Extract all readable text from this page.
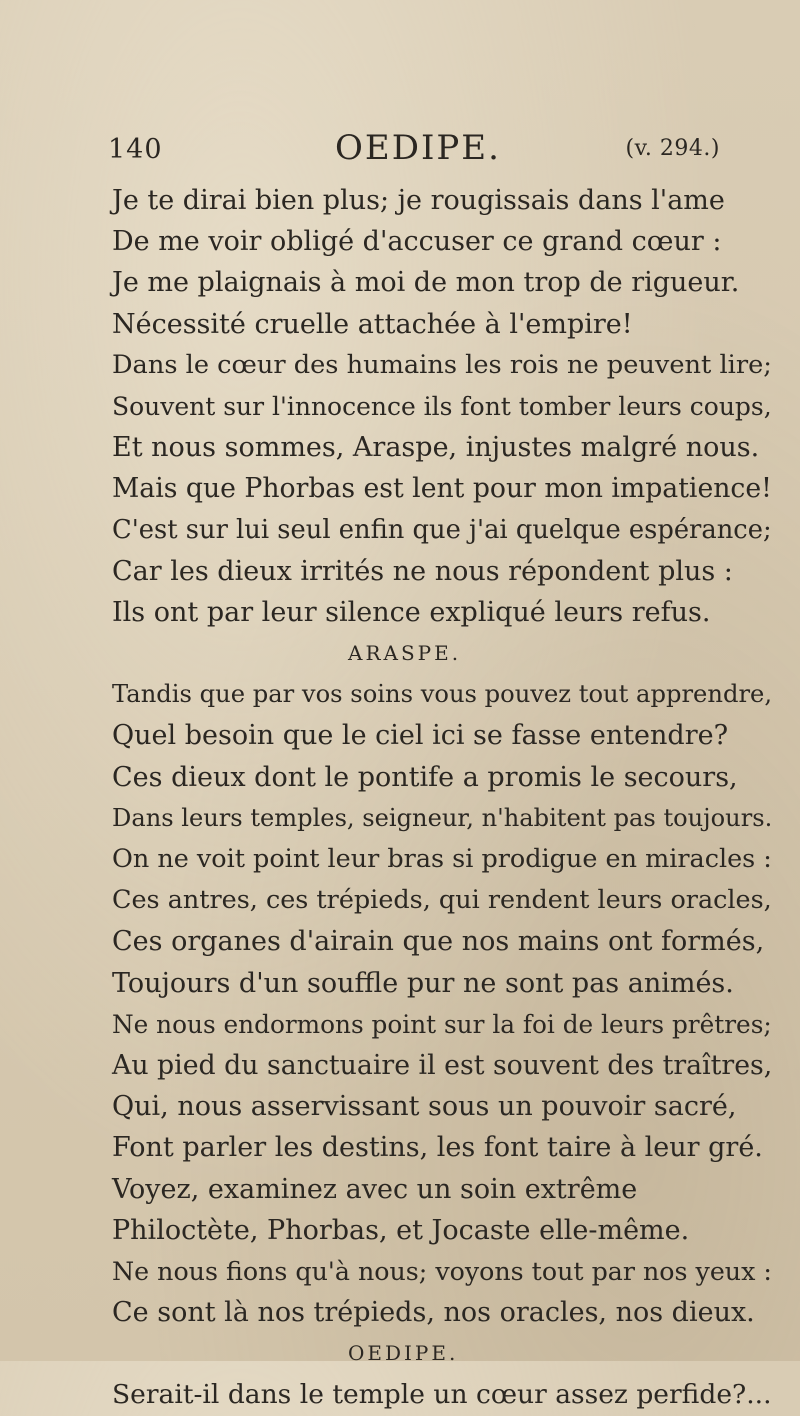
140	OEDIPE.	(v. 294.)
Je te dirai bien plus; je rougissais dans l'ame
De me voir obligé d'accuser ce grand cœur :
Je me plaignais à moi de mon trop de rigueur.
Nécessité cruelle attachée à l'empire!
Dans le cœur des humains les rois ne peuvent lire;
Souvent sur l'innocence ils font tomber leurs coups,
Et nous sommes, Araspe, injustes malgré nous.
Mais que Phorbas est lent pour mon impatience!
C'est sur lui seul enfin que j'ai quelque espérance;
Car les dieux irrités ne nous répondent plus :
Ils ont par leur silence expliqué leurs refus.
ARASPE.
Tandis que par vos soins vous pouvez tout apprendre,
Quel besoin que le ciel ici se fasse entendre?
Ces dieux dont le pontife a promis le secours,
Dans leurs temples, seigneur, n'habitent pas toujours.
On ne voit point leur bras si prodigue en miracles :
Ces antres, ces trépieds, qui rendent leurs oracles,
Ces organes d'airain que nos mains ont formés,
Toujours d'un souffle pur ne sont pas animés.
Ne nous endormons point sur la foi de leurs prêtres;
Au pied du sanctuaire il est souvent des traîtres,
Qui, nous asservissant sous un pouvoir sacré,
Font parler les destins, les font taire à leur gré.
Voyez, examinez avec un soin extrême
Philoctète, Phorbas, et Jocaste elle-même.
Ne nous fions qu'à nous; voyons tout par nos yeux :
Ce sont là nos trépieds, nos oracles, nos dieux.
OEDIPE.
Serait-il dans le temple un cœur assez perfide?...
